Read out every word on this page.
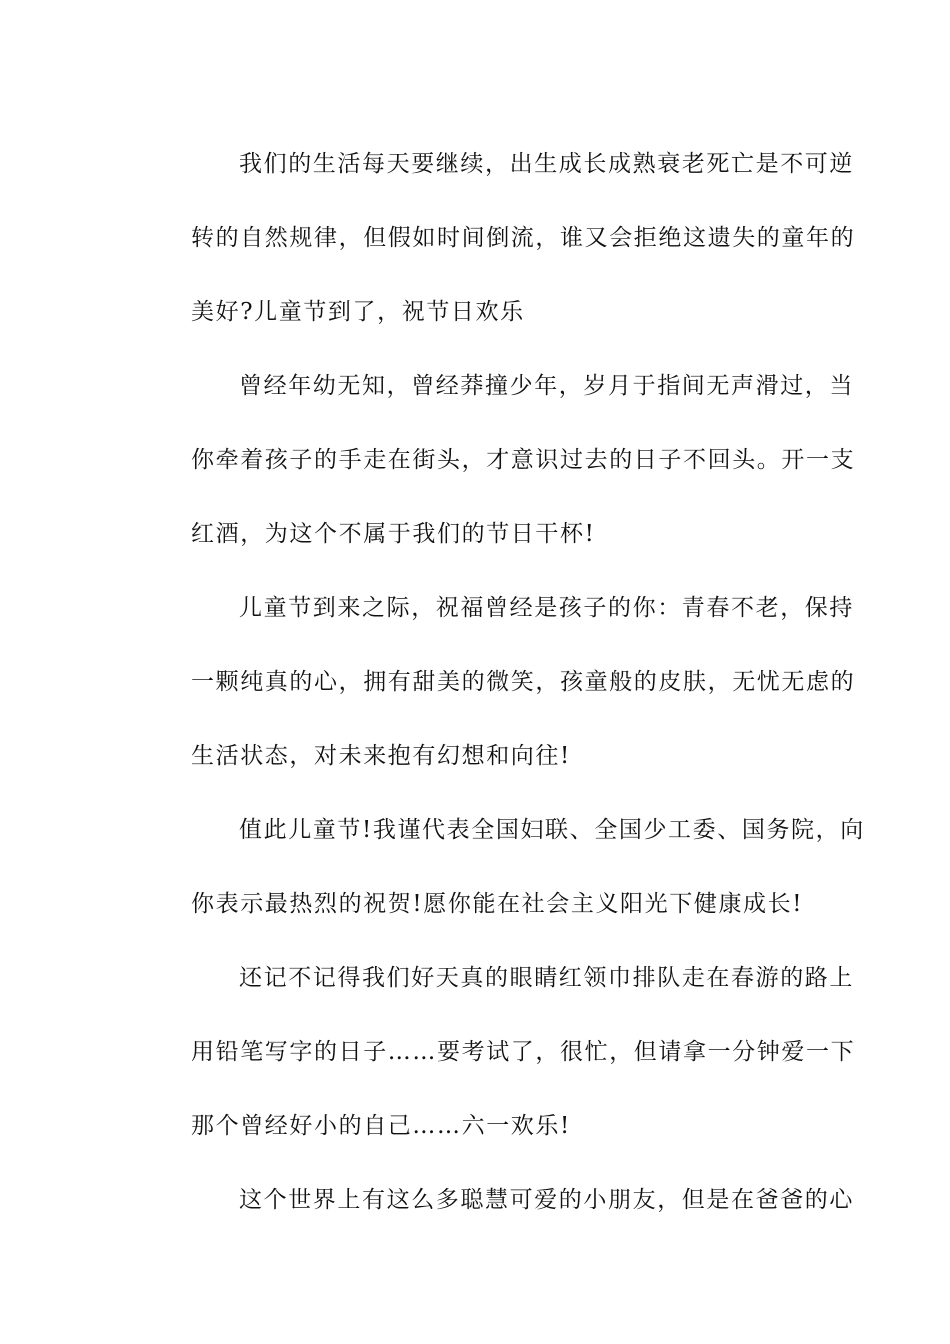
我们的生活每天要继续，出生成长成熟衰老死亡是不可逆
转的自然规律，但假如时间倒流，谁又会拒绝这遗失的童年的
美好?儿童节到了，祝节日欢乐
曾经年幼无知，曾经莽撞少年，岁月于指间无声滑过，当
你牵着孩子的手走在街头，才意识过去的日子不回头。开一支
红酒，为这个不属于我们的节日干杯!
儿童节到来之际，祝福曾经是孩子的你：青春不老，保持
一颗纯真的心，拥有甜美的微笑，孩童般的皮肤，无忧无虑的
生活状态，对未来抱有幻想和向往!
值此儿童节!我谨代表全国妇联、全国少工委、国务院，向
你表示最热烈的祝贺!愿你能在社会主义阳光下健康成长!
还记不记得我们好天真的眼睛红领巾排队走在春游的路上
用铅笔写字的日子……要考试了，很忙，但请拿一分钟爱一下
那个曾经好小的自己……六一欢乐!
这个世界上有这么多聪慧可爱的小朋友，但是在爸爸的心
